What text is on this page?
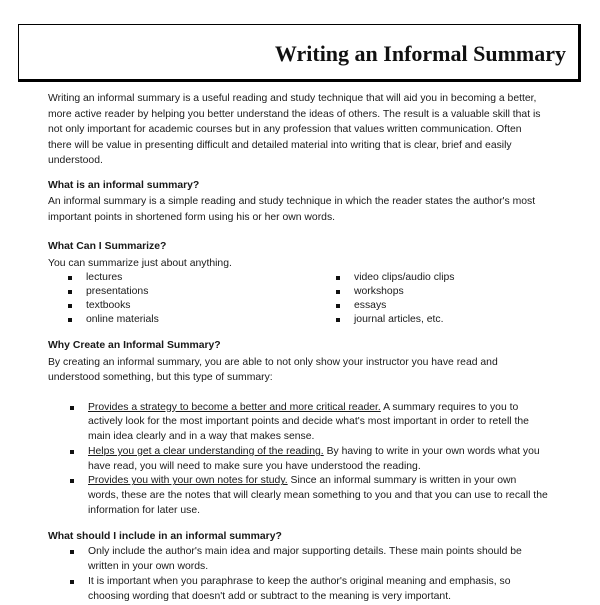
Writing an Informal Summary

Writing an informal summary is a useful reading and study technique that will aid you in becoming a better, more active reader by helping you better understand the ideas of others. The result is a valuable skill that is not only important for academic courses but in any profession that values written communication. Often there will be value in presenting difficult and detailed material into writing that is clear, brief and easily understood.

What is an informal summary?

An informal summary is a simple reading and study technique in which the reader states the author's most important points in shortened form using his or her own words.

What Can I Summarize?

You can summarize just about anything.

lectures
presentations
textbooks
online materials
video clips/audio clips
workshops
essays
journal articles, etc.

Why Create an Informal Summary?

By creating an informal summary, you are able to not only show your instructor you have read and understood something, but this type of summary:

Provides a strategy to become a better and more critical reader. A summary requires to you to actively look for the most important points and decide what's most important in order to retell the main idea clearly and in a way that makes sense.
Helps you get a clear understanding of the reading. By having to write in your own words what you have read, you will need to make sure you have understood the reading.
Provides you with your own notes for study. Since an informal summary is written in your own words, these are the notes that will clearly mean something to you and that you can use to recall the information for later use.

What should I include in an informal summary?

Only include the author's main idea and major supporting details. These main points should be written in your own words.
It is important when you paraphrase to keep the author's original meaning and emphasis, so choosing wording that doesn't add or subtract to the meaning is very important.
